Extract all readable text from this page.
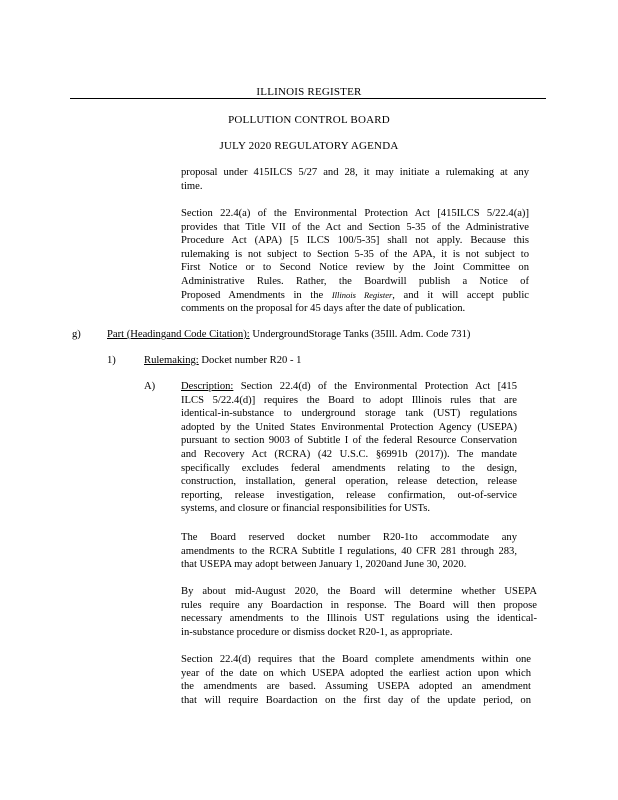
ILLINOIS REGISTER
POLLUTION CONTROL BOARD
JULY 2020 REGULATORY AGENDA
proposal under 415ILCS 5/27 and 28, it may initiate a rulemaking at any
time.
Section 22.4(a) of the Environmental Protection Act [415ILCS 5/22.4(a)]
provides that Title VII of the Act and Section 5-35 of the Administrative
Procedure Act (APA) [5 ILCS 100/5-35] shall not apply. Because this
rulemaking is not subject to Section 5-35 of the APA, it is not subject to
First Notice or to Second Notice review by the Joint Committee on
Administrative Rules. Rather, the Boardwill publish a Notice of
Proposed Amendments in the Illinois Register, and it will accept public
comments on the proposal for 45 days after the date of publication.
g) Part (Headingand Code Citation): UndergroundStorage Tanks (35Ill. Adm. Code 731)
1)	Rulemaking: Docket number R20 - 1
A) Description: Section 22.4(d) of the Environmental Protection Act [415
ILCS 5/22.4(d)] requires the Board to adopt Illinois rules that are
identical-in-substance to underground storage tank (UST) regulations
adopted by the United States Environmental Protection Agency (USEPA)
pursuant to section 9003 of Subtitle I of the federal Resource Conservation
and Recovery Act (RCRA) (42 U.S.C. §6991b (2017)). The mandate
specifically excludes federal amendments relating to the design,
construction, installation, general operation, release detection, release
reporting, release investigation, release confirmation, out-of-service
systems, and closure or financial responsibilities for USTs.
The Board reserved docket number R20-1to accommodate any
amendments to the RCRA Subtitle I regulations, 40 CFR 281 through 283,
that USEPA may adopt between January 1, 2020and June 30, 2020.
By about mid-August 2020, the Board will determine whether USEPA
rules require any Boardaction in response. The Board will then propose
necessary amendments to the Illinois UST regulations using the identical-
in-substance procedure or dismiss docket R20-1, as appropriate.
Section 22.4(d) requires that the Board complete amendments within one
year of the date on which USEPA adopted the earliest action upon which
the amendments are based. Assuming USEPA adopted an amendment
that will require Boardaction on the first day of the update period, on
